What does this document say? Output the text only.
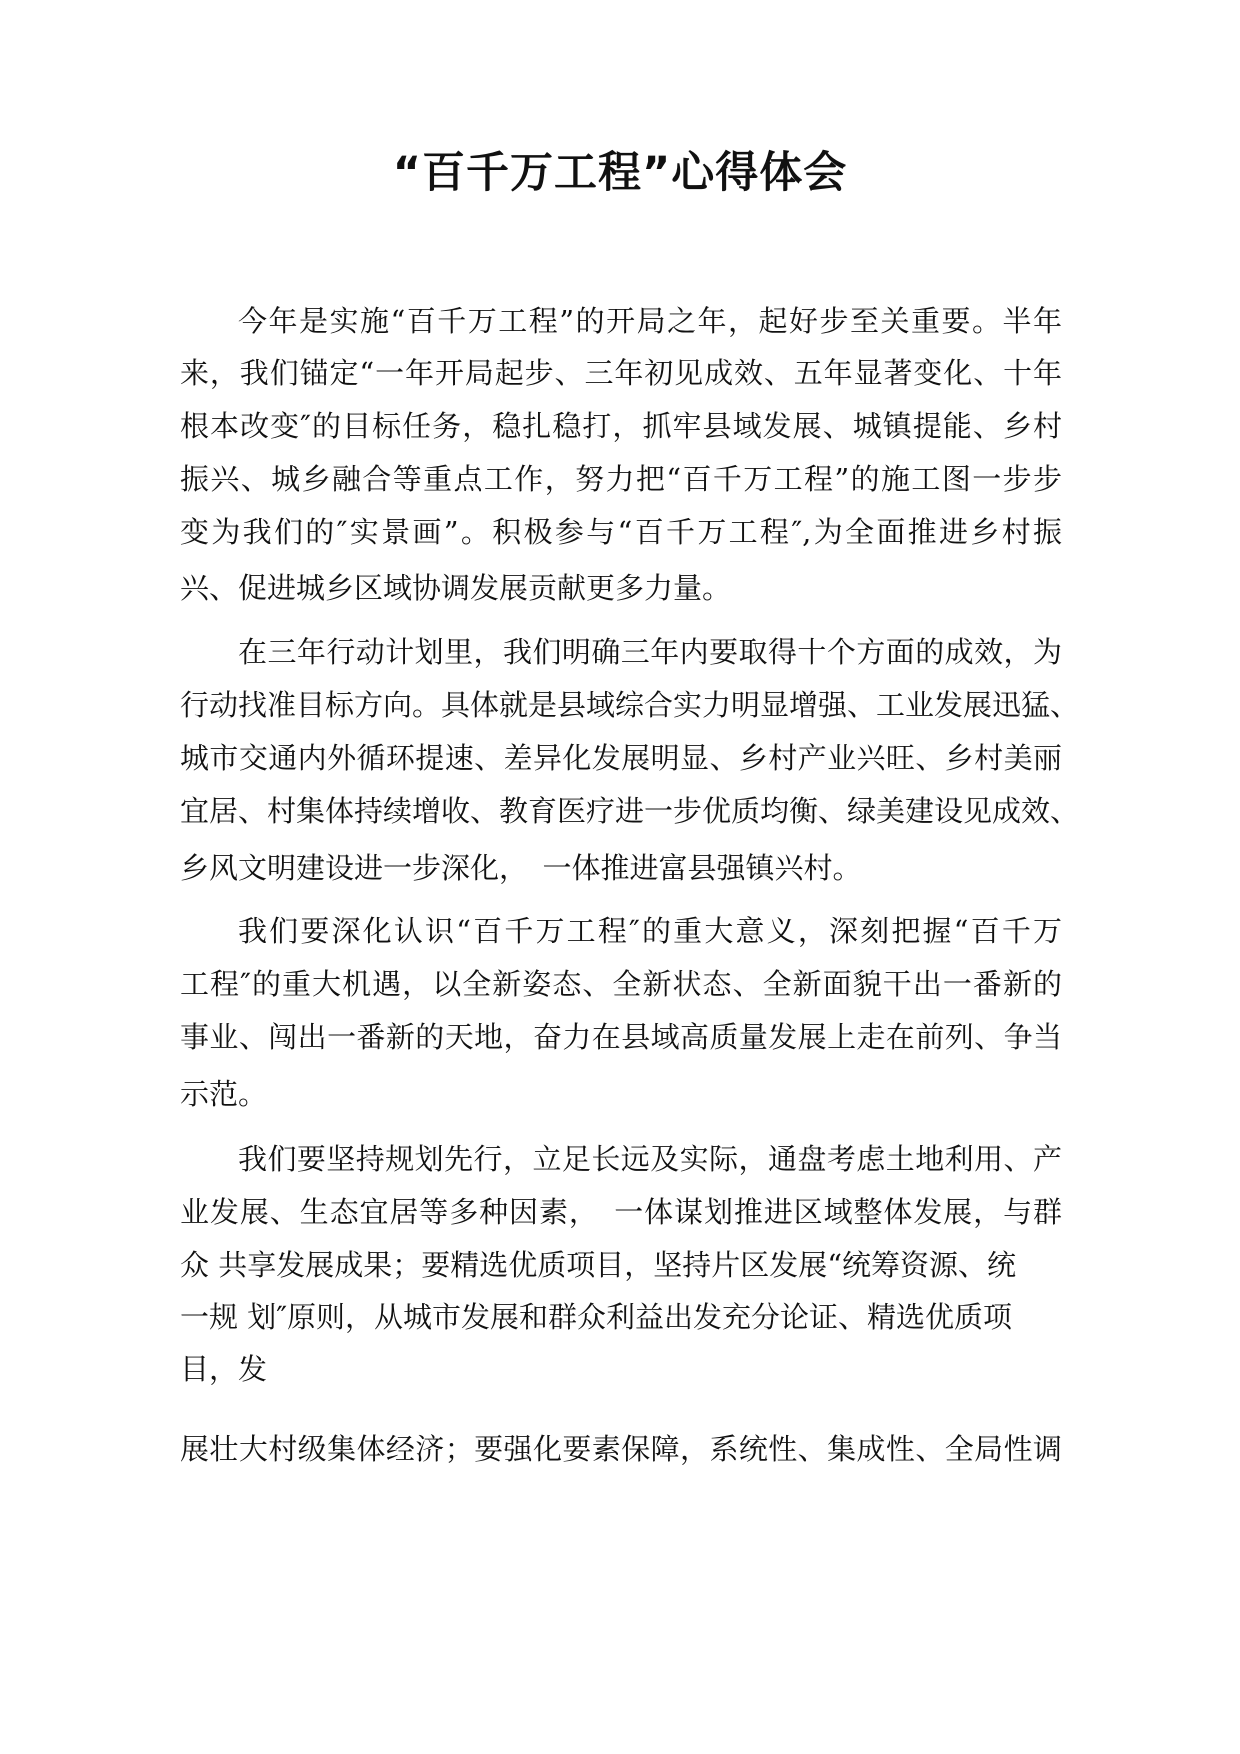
“百千万工程”心得体会

今年是实施“百千万工程”的开局之年，起好步至关重要。半年

来，我们锚定“一年开局起步、三年初见成效、五年显著变化、十年

根本改变″的目标任务，稳扎稳打，抓牢县域发展、城镇提能、乡村

振兴、城乡融合等重点工作，努力把“百千万工程”的施工图一步步

变为我们的″实景画”。积极参与“百千万工程″,为全面推进乡村振

兴、促进城乡区域协调发展贡献更多力量。

在三年行动计划里，我们明确三年内要取得十个方面的成效，为

行动找准目标方向。具体就是县域综合实力明显增强、工业发展迅猛、

城市交通内外循环提速、差异化发展明显、乡村产业兴旺、乡村美丽

宜居、村集体持续增收、教育医疗进一步优质均衡、绿美建设见成效、

乡风文明建设进一步深化，　一体推进富县强镇兴村。

我们要深化认识“百千万工程″的重大意义，深刻把握“百千万

工程″的重大机遇，以全新姿态、全新状态、全新面貌干出一番新的

事业、闯出一番新的天地，奋力在县域高质量发展上走在前列、争当

示范。

我们要坚持规划先行，立足长远及实际，通盘考虑土地利用、产

业发展、生态宜居等多种因素，　一体谋划推进区域整体发展，与群

众 共享发展成果；要精选优质项目，坚持片区发展“统筹资源、统

一规 划″原则，从城市发展和群众利益出发充分论证、精选优质项

目，发

展壮大村级集体经济；要强化要素保障，系统性、集成性、全局性调
